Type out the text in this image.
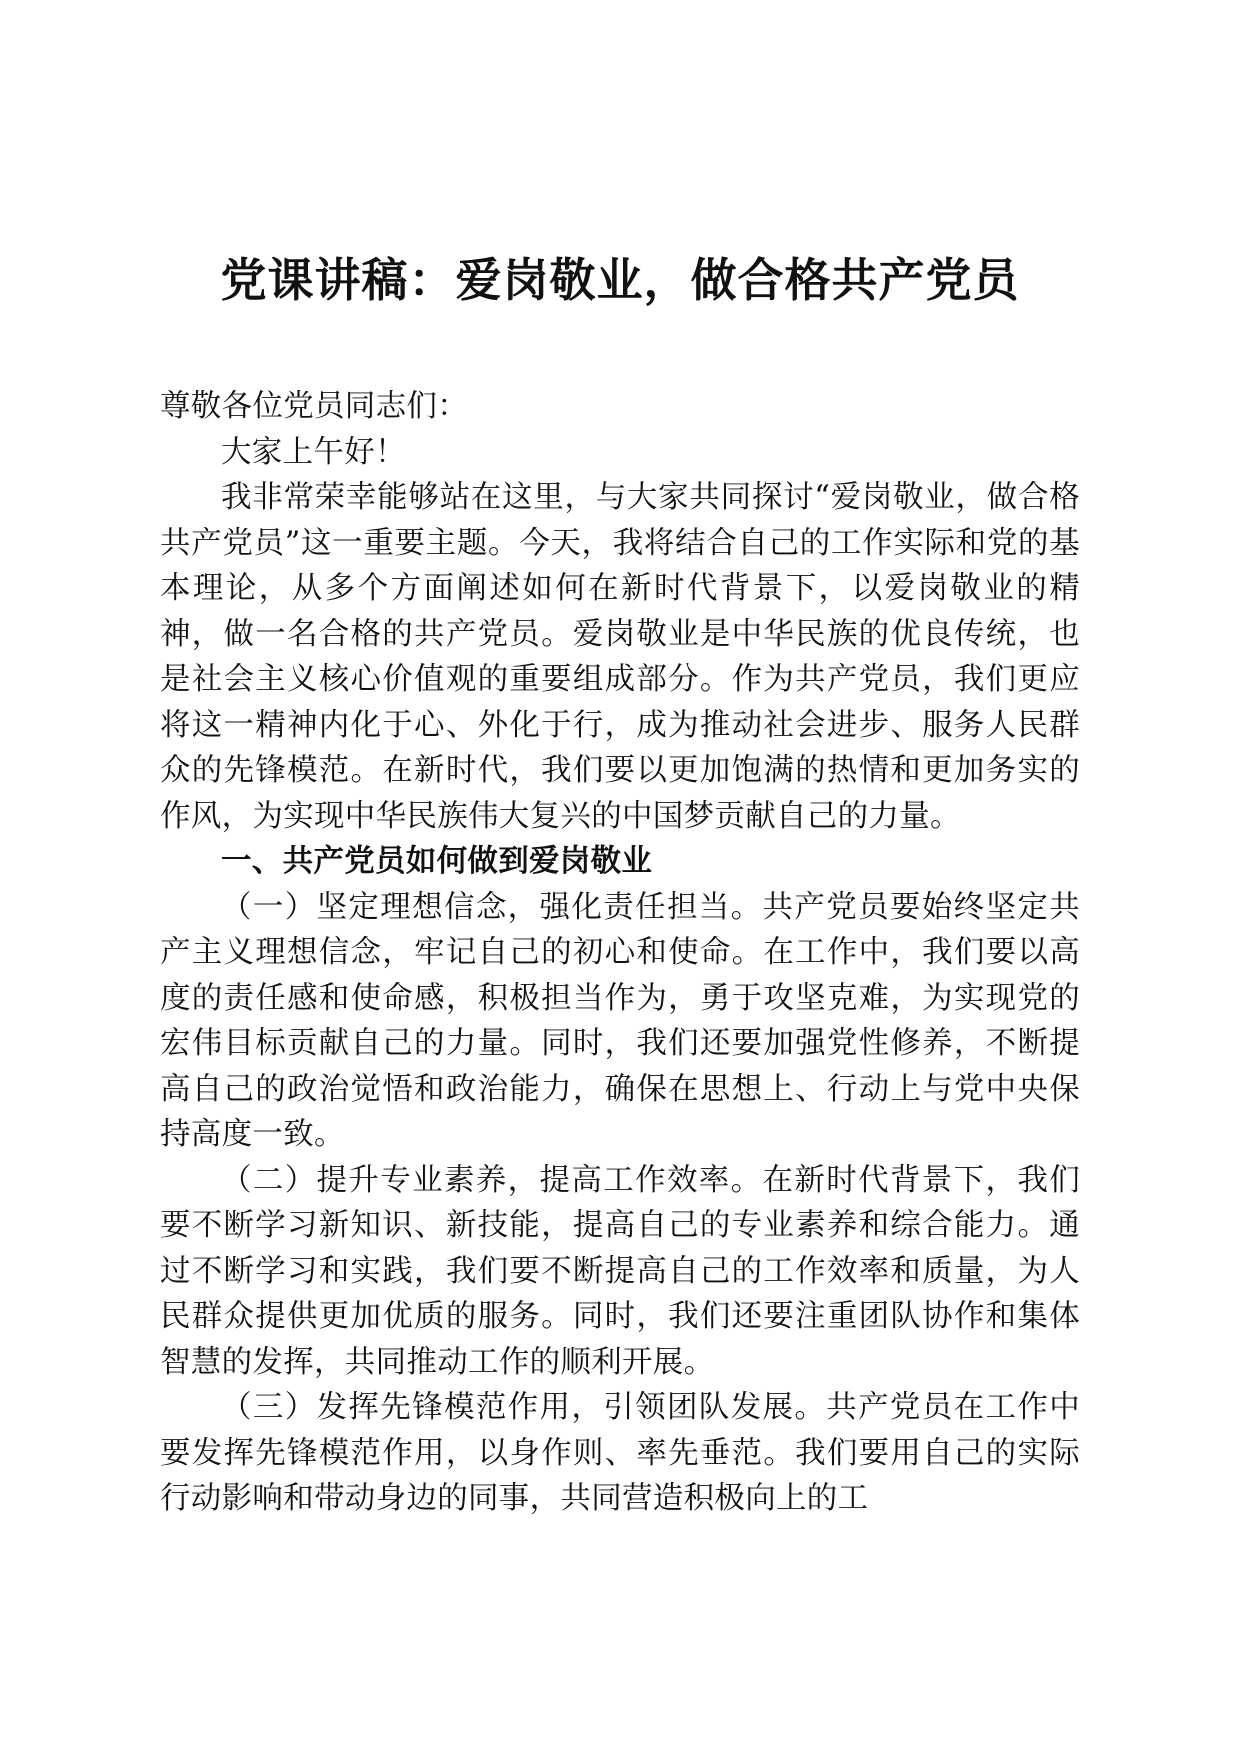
党课讲稿：爱岗敬业，做合格共产党员

尊敬各位党员同志们：

大家上午好！

我非常荣幸能够站在这里，与大家共同探讨“爱岗敬业，做合格共产党员”这一重要主题。今天，我将结合自己的工作实际和党的基本理论，从多个方面阐述如何在新时代背景下，以爱岗敬业的精神，做一名合格的共产党员。爱岗敬业是中华民族的优良传统，也是社会主义核心价值观的重要组成部分。作为共产党员，我们更应将这一精神内化于心、外化于行，成为推动社会进步、服务人民群众的先锋模范。在新时代，我们要以更加饱满的热情和更加务实的作风，为实现中华民族伟大复兴的中国梦贡献自己的力量。

一、共产党员如何做到爱岗敬业

（一）坚定理想信念，强化责任担当。共产党员要始终坚定共产主义理想信念，牢记自己的初心和使命。在工作中，我们要以高度的责任感和使命感，积极担当作为，勇于攻坚克难，为实现党的宏伟目标贡献自己的力量。同时，我们还要加强党性修养，不断提高自己的政治觉悟和政治能力，确保在思想上、行动上与党中央保持高度一致。

（二）提升专业素养，提高工作效率。在新时代背景下，我们要不断学习新知识、新技能，提高自己的专业素养和综合能力。通过不断学习和实践，我们要不断提高自己的工作效率和质量，为人民群众提供更加优质的服务。同时，我们还要注重团队协作和集体智慧的发挥，共同推动工作的顺利开展。

（三）发挥先锋模范作用，引领团队发展。共产党员在工作中要发挥先锋模范作用，以身作则、率先垂范。我们要用自己的实际行动影响和带动身边的同事，共同营造积极向上的工
